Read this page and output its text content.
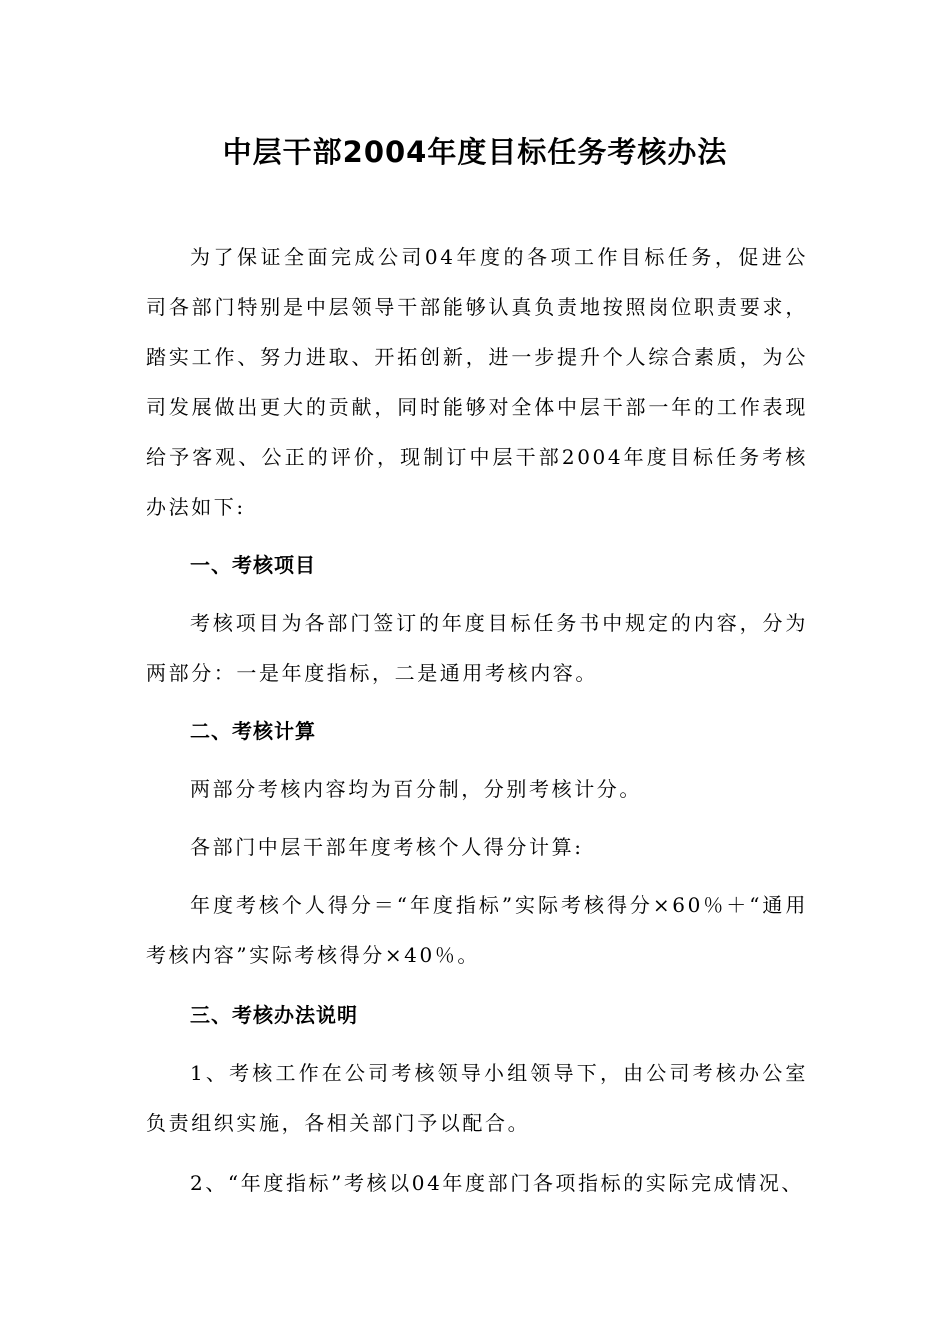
中层干部2004年度目标任务考核办法

为了保证全面完成公司04年度的各项工作目标任务，促进公司各部门特别是中层领导干部能够认真负责地按照岗位职责要求，踏实工作、努力进取、开拓创新，进一步提升个人综合素质，为公司发展做出更大的贡献，同时能够对全体中层干部一年的工作表现给予客观、公正的评价，现制订中层干部2004年度目标任务考核办法如下:

一、考核项目

考核项目为各部门签订的年度目标任务书中规定的内容，分为两部分：一是年度指标，二是通用考核内容。

二、考核计算

两部分考核内容均为百分制，分别考核计分。

各部门中层干部年度考核个人得分计算:

年度考核个人得分＝“年度指标”实际考核得分×60％＋“通用考核内容”实际考核得分×40％。

三、考核办法说明

1、考核工作在公司考核领导小组领导下，由公司考核办公室负责组织实施，各相关部门予以配合。

2、“年度指标”考核以04年度部门各项指标的实际完成情况、
